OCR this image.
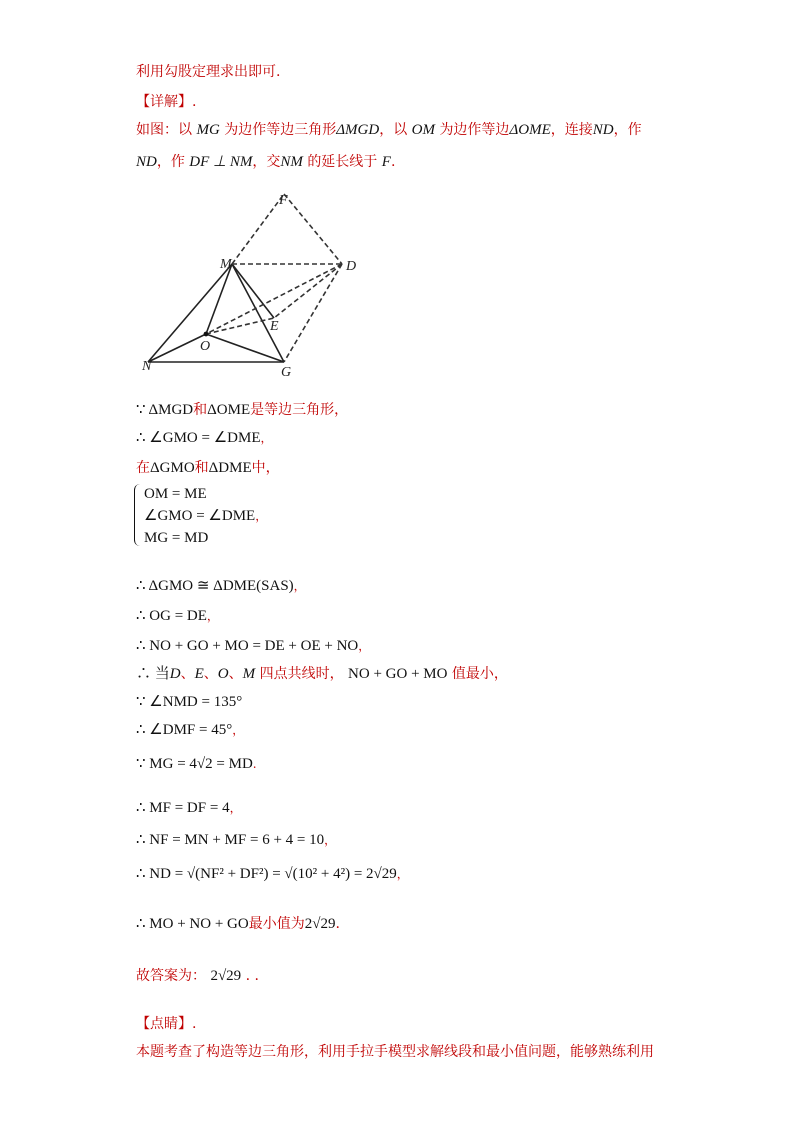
利用勾股定理求出即可.
【详解】.
如图：以 MG 为边作等边三角形ΔMGD，以 OM 为边作等边ΔOME，连接ND，作
ND，作 DF ⊥ NM，交NM 的延长线于 F.
F
M	D
E
O
N	G
∵ ΔMGD和ΔOME是等边三角形，
∴ ∠GMO = ∠DME，
在ΔGMO和ΔDME中，
OM = ME
∠GMO = ∠DME，
MG = MD
∴ ΔGMO ≅ ΔDME(SAS)，
∴ OG = DE，
∴ NO + GO + MO = DE + OE + NO，
∴ 当D、E、O、M 四点共线时， NO + GO + MO 值最小，
∵ ∠NMD = 135°
∴ ∠DMF = 45°，
∵ MG = 4√2 = MD.
∴ MF = DF = 4，
∴ NF = MN + MF = 6 + 4 = 10，
∴ ND = √(NF² + DF²) = √(10² + 4²) = 2√29，
∴ MO + NO + GO最小值为2√29.
故答案为： 2√29 . .
【点睛】.
本题考查了构造等边三角形，利用手拉手模型求解线段和最小值问题，能够熟练利用
